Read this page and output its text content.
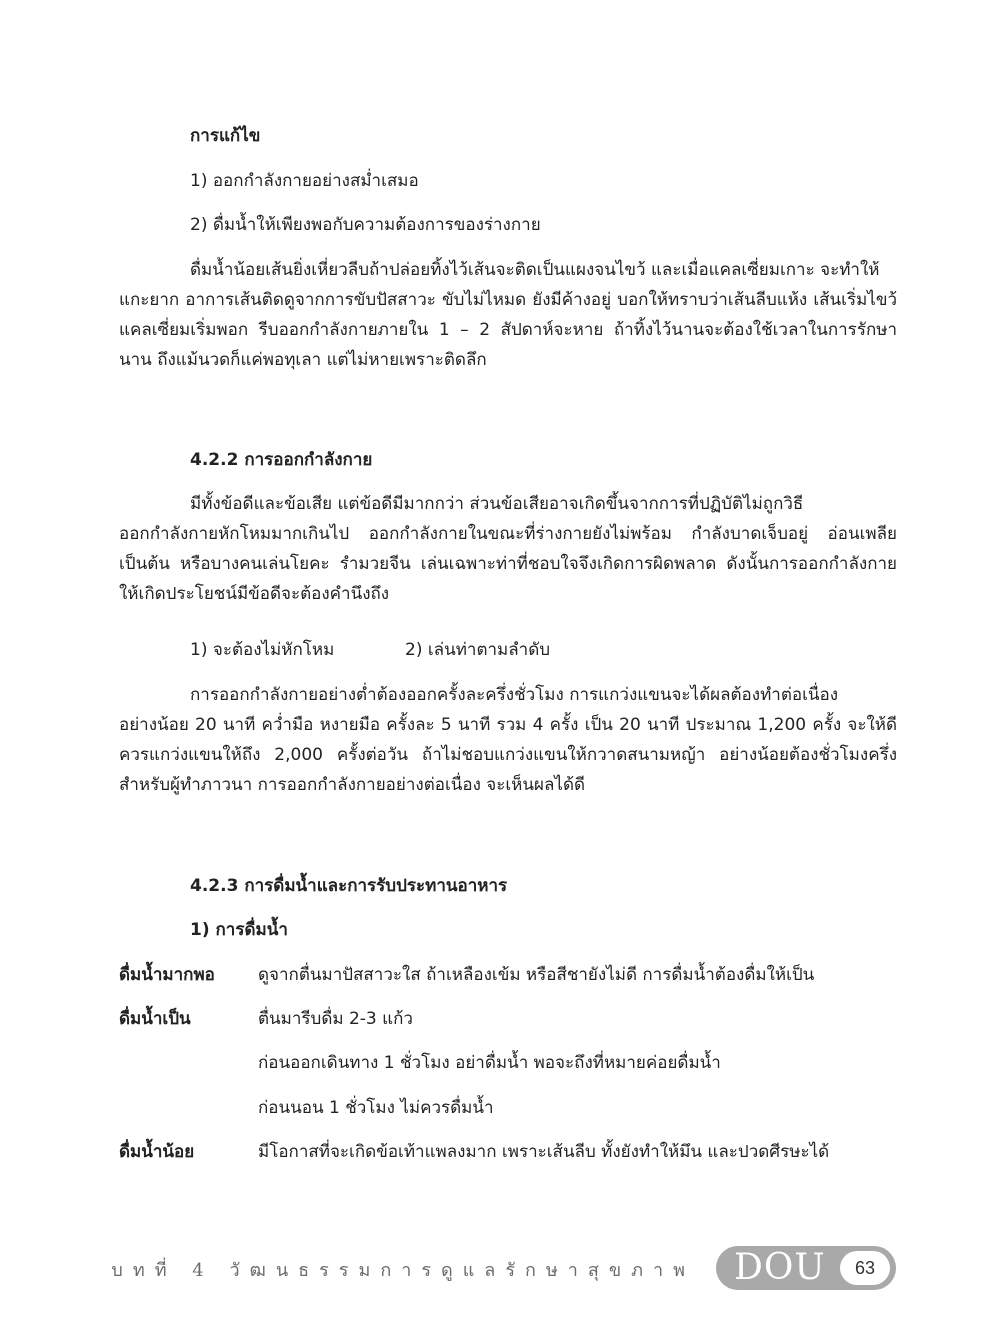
การแก้ไข
1) ออกกำลังกายอย่างสม่ำเสมอ
2) ดื่มน้ำให้เพียงพอกับความต้องการของร่างกาย
ดื่มน้ำน้อยเส้นยิ่งเหี่ยวลีบถ้าปล่อยทิ้งไว้เส้นจะติดเป็นแผงจนไขว้ และเมื่อแคลเซี่ยมเกาะ จะทำให้
แกะยาก อาการเส้นติดดูจากการขับปัสสาวะ ขับไม่ไหมด ยังมีค้างอยู่ บอกให้ทราบว่าเส้นลีบแห้ง เส้นเริ่มไขว้ แคลเซี่ยมเริ่มพอก รีบออกกำลังกายภายใน 1 – 2 สัปดาห์จะหาย ถ้าทิ้งไว้นานจะต้องใช้เวลาในการรักษานาน ถึงแม้นวดก็แค่พอทุเลา แต่ไม่หายเพราะติดลึก
4.2.2 การออกกำลังกาย
มีทั้งข้อดีและข้อเสีย แต่ข้อดีมีมากกว่า ส่วนข้อเสียอาจเกิดขึ้นจากการที่ปฏิบัติไม่ถูกวิธี
ออกกำลังกายหักโหมมากเกินไป ออกกำลังกายในขณะที่ร่างกายยังไม่พร้อม กำลังบาดเจ็บอยู่ อ่อนเพลีย เป็นต้น หรือบางคนเล่นโยคะ รำมวยจีน เล่นเฉพาะท่าที่ชอบใจจึงเกิดการผิดพลาด ดังนั้นการออกกำลังกาย ให้เกิดประโยชน์มีข้อดีจะต้องคำนึงถึง
1) จะต้องไม่หักโหม	2) เล่นท่าตามลำดับ
การออกกำลังกายอย่างต่ำต้องออกครั้งละครึ่งชั่วโมง การแกว่งแขนจะได้ผลต้องทำต่อเนื่อง
อย่างน้อย 20 นาที คว่ำมือ หงายมือ ครั้งละ 5 นาที รวม 4 ครั้ง เป็น 20 นาที ประมาณ 1,200 ครั้ง จะให้ดีควรแกว่งแขนให้ถึง 2,000 ครั้งต่อวัน ถ้าไม่ชอบแกว่งแขนให้กวาดสนามหญ้า อย่างน้อยต้องชั่วโมงครึ่ง สำหรับผู้ทำภาวนา การออกกำลังกายอย่างต่อเนื่อง จะเห็นผลได้ดี
4.2.3 การดื่มน้ำและการรับประทานอาหาร
1) การดื่มน้ำ
ดื่มน้ำมากพอ	ดูจากตื่นมาปัสสาวะใส ถ้าเหลืองเข้ม หรือสีชายังไม่ดี การดื่มน้ำต้องดื่มให้เป็น
ดื่มน้ำเป็น	ตื่นมารีบดื่ม 2-3 แก้ว
ก่อนออกเดินทาง 1 ชั่วโมง อย่าดื่มน้ำ พอจะถึงที่หมายค่อยดื่มน้ำ
ก่อนนอน 1 ชั่วโมง ไม่ควรดื่มน้ำ
ดื่มน้ำน้อย	มีโอกาสที่จะเกิดข้อเท้าแพลงมาก เพราะเส้นลีบ ทั้งยังทำให้มึน และปวดศีรษะได้
บทที่ 4 วัฒนธรรมการดูแลรักษาสุขภาพ DOU	63
